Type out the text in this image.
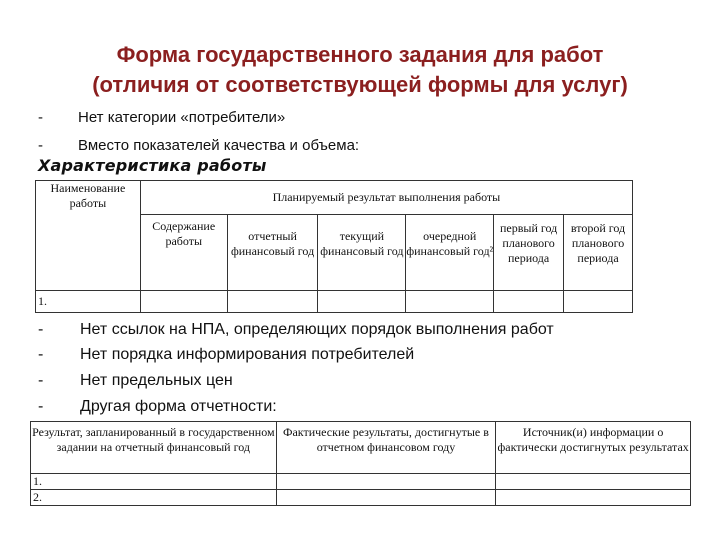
Форма государственного задания для работ
(отличия от соответствующей формы для услуг)
- Нет категории «потребители»
- Вместо показателей качества и объема:
Характеристика работы
Наименование работы	Планируемый результат выполнения работы					
	Содержание работы	отчетный финансовый год	текущий финансовый год	очередной финансовый год²	первый год планового периода	второй год планового периода
1.						
- Нет ссылок на НПА, определяющих порядок выполнения работ
- Нет порядка информирования потребителей
- Нет предельных цен
- Другая форма отчетности:
Результат, запланированный в государственном задании на отчетный финансовый год	Фактические результаты, достигнутые в отчетном финансовом году	Источник(и) информации о фактически достигнутых результатах
1.		
2.		
